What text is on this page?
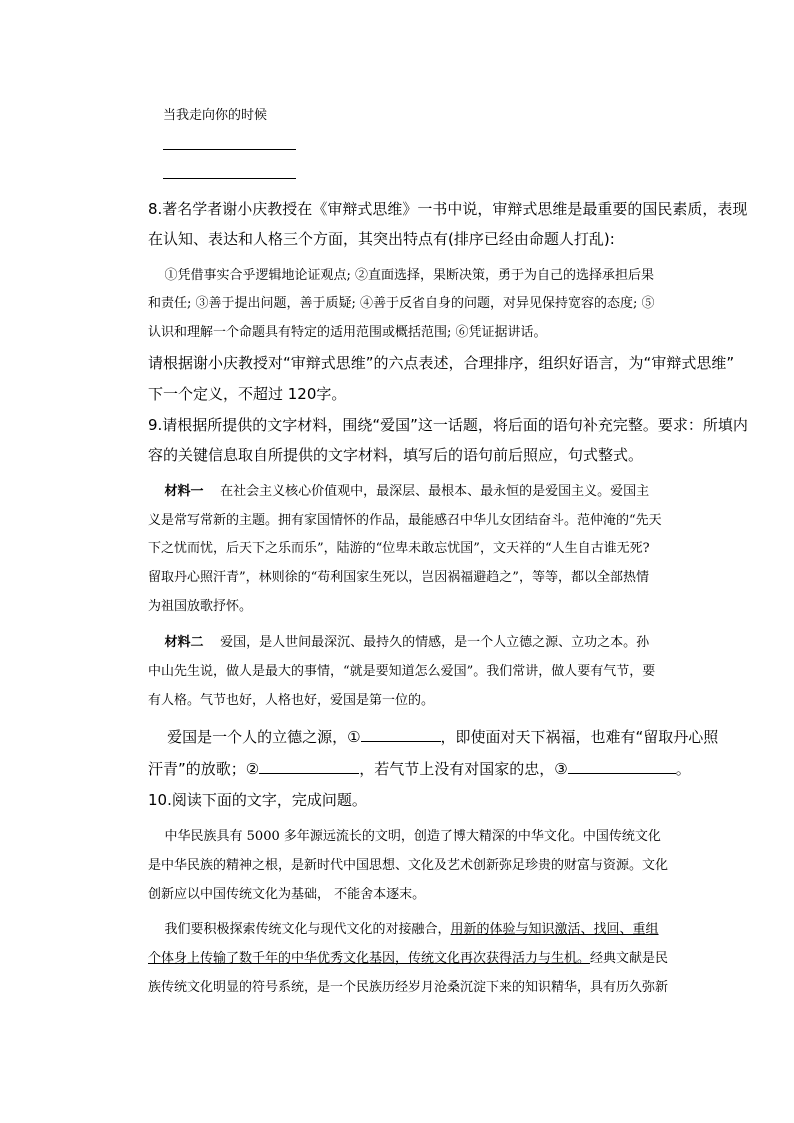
当我走向你的时候
8.著名学者谢小庆教授在《审辩式思维》一书中说，审辩式思维是最重要的国民素质，表现
在认知、表达和人格三个方面，其突出特点有(排序已经由命题人打乱):
①凭借事实合乎逻辑地论证观点; ②直面选择，果断决策，勇于为自己的选择承担后果
和责任; ③善于提出问题，善于质疑; ④善于反省自身的问题，对异见保持宽容的态度; ⑤
认识和理解一个命题具有特定的适用范围或概括范围; ⑥凭证据讲话。
请根据谢小庆教授对“审辩式思维”的六点表述，合理排序，组织好语言，为“审辩式思维”
下一个定义，不超过 120字。
9.请根据所提供的文字材料，围绕“爱国”这一话题，将后面的语句补充完整。要求：所填内
容的关键信息取自所提供的文字材料，填写后的语句前后照应，句式整式。
材料一 在社会主义核心价值观中，最深层、最根本、最永恒的是爱国主义。爱国主
义是常写常新的主题。拥有家国情怀的作品，最能感召中华儿女团结奋斗。范仲淹的“先天
下之忧而忧，后天下之乐而乐”，陆游的“位卑未敢忘忧国”，文天祥的“人生自古谁无死?
留取丹心照汗青”，林则徐的“苟利国家生死以，岂因祸福避趋之”，等等，都以全部热情
为祖国放歌抒怀。
材料二 爱国，是人世间最深沉、最持久的情感，是一个人立德之源、立功之本。孙
中山先生说，做人是最大的事情，“就是要知道怎么爱国”。我们常讲，做人要有气节，要
有人格。气节也好，人格也好，爱国是第一位的。
爱国是一个人的立德之源，①	，即使面对天下祸福，也难有“留取丹心照
汗青”的放歌；②	，若气节上没有对国家的忠，③	。
10.阅读下面的文字，完成问题。
中华民族具有 5000 多年源远流长的文明，创造了博大精深的中华文化。中国传统文化
是中华民族的精神之根，是新时代中国思想、文化及艺术创新弥足珍贵的财富与资源。文化
创新应以中国传统文化为基础， 不能舍本逐末。
我们要积极探索传统文化与现代文化的对接融合，用新的体验与知识激活、找回、重组
个体身上传输了数千年的中华优秀文化基因，传统文化再次获得活力与生机。经典文献是民
族传统文化明显的符号系统，是一个民族历经岁月沧桑沉淀下来的知识精华，具有历久弥新
